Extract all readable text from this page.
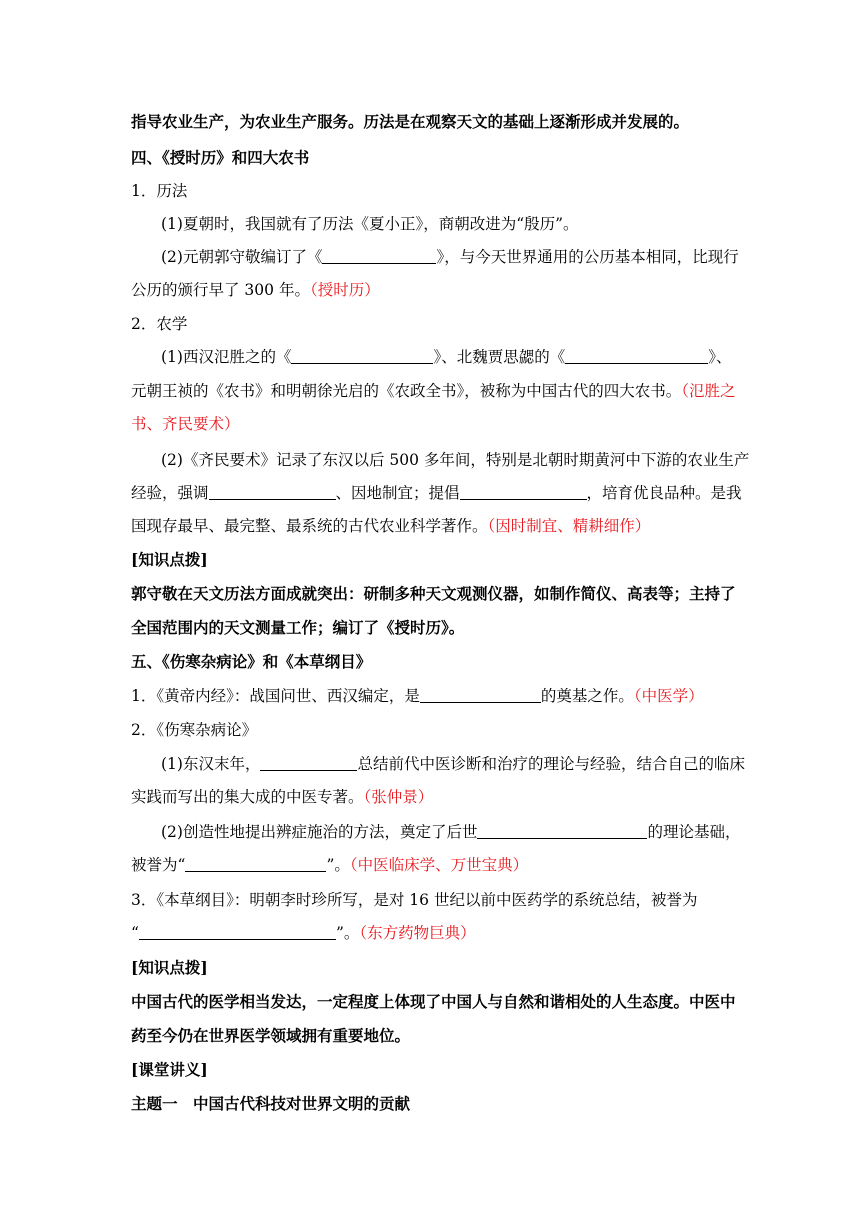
指导农业生产，为农业生产服务。历法是在观察天文的基础上逐渐形成并发展的。
四、《授时历》和四大农书
1．历法
(1)夏朝时，我国就有了历法《夏小正》，商朝改进为“殷历”。
(2)元朝郭守敬编订了《	》，与今天世界通用的公历基本相同，比现行
公历的颁行早了 300 年。（授时历）
2．农学
(1)西汉氾胜之的《	》、北魏贾思勰的《	》、
元朝王祯的《农书》和明朝徐光启的《农政全书》，被称为中国古代的四大农书。（氾胜之
书、齐民要术）
(2)《齐民要术》记录了东汉以后 500 多年间，特别是北朝时期黄河中下游的农业生产
经验，强调	、因地制宜；提倡	，培育优良品种。是我
国现存最早、最完整、最系统的古代农业科学著作。（因时制宜、精耕细作）
[知识点拨]
郭守敬在天文历法方面成就突出：研制多种天文观测仪器，如制作简仪、高表等；主持了
全国范围内的天文测量工作；编订了《授时历》。
五、《伤寒杂病论》和《本草纲目》
1．《黄帝内经》：战国问世、西汉编定，是	的奠基之作。（中医学）
2．《伤寒杂病论》
(1)东汉末年，	总结前代中医诊断和治疗的理论与经验，结合自己的临床
实践而写出的集大成的中医专著。（张仲景）
(2)创造性地提出辨症施治的方法，奠定了后世	的理论基础，
被誉为“	”。（中医临床学、万世宝典）
3．《本草纲目》：明朝李时珍所写，是对 16 世纪以前中医药学的系统总结，被誉为
“	”。（东方药物巨典）
[知识点拨]
中国古代的医学相当发达，一定程度上体现了中国人与自然和谐相处的人生态度。中医中
药至今仍在世界医学领域拥有重要地位。
[课堂讲义]
主题一　中国古代科技对世界文明的贡献
